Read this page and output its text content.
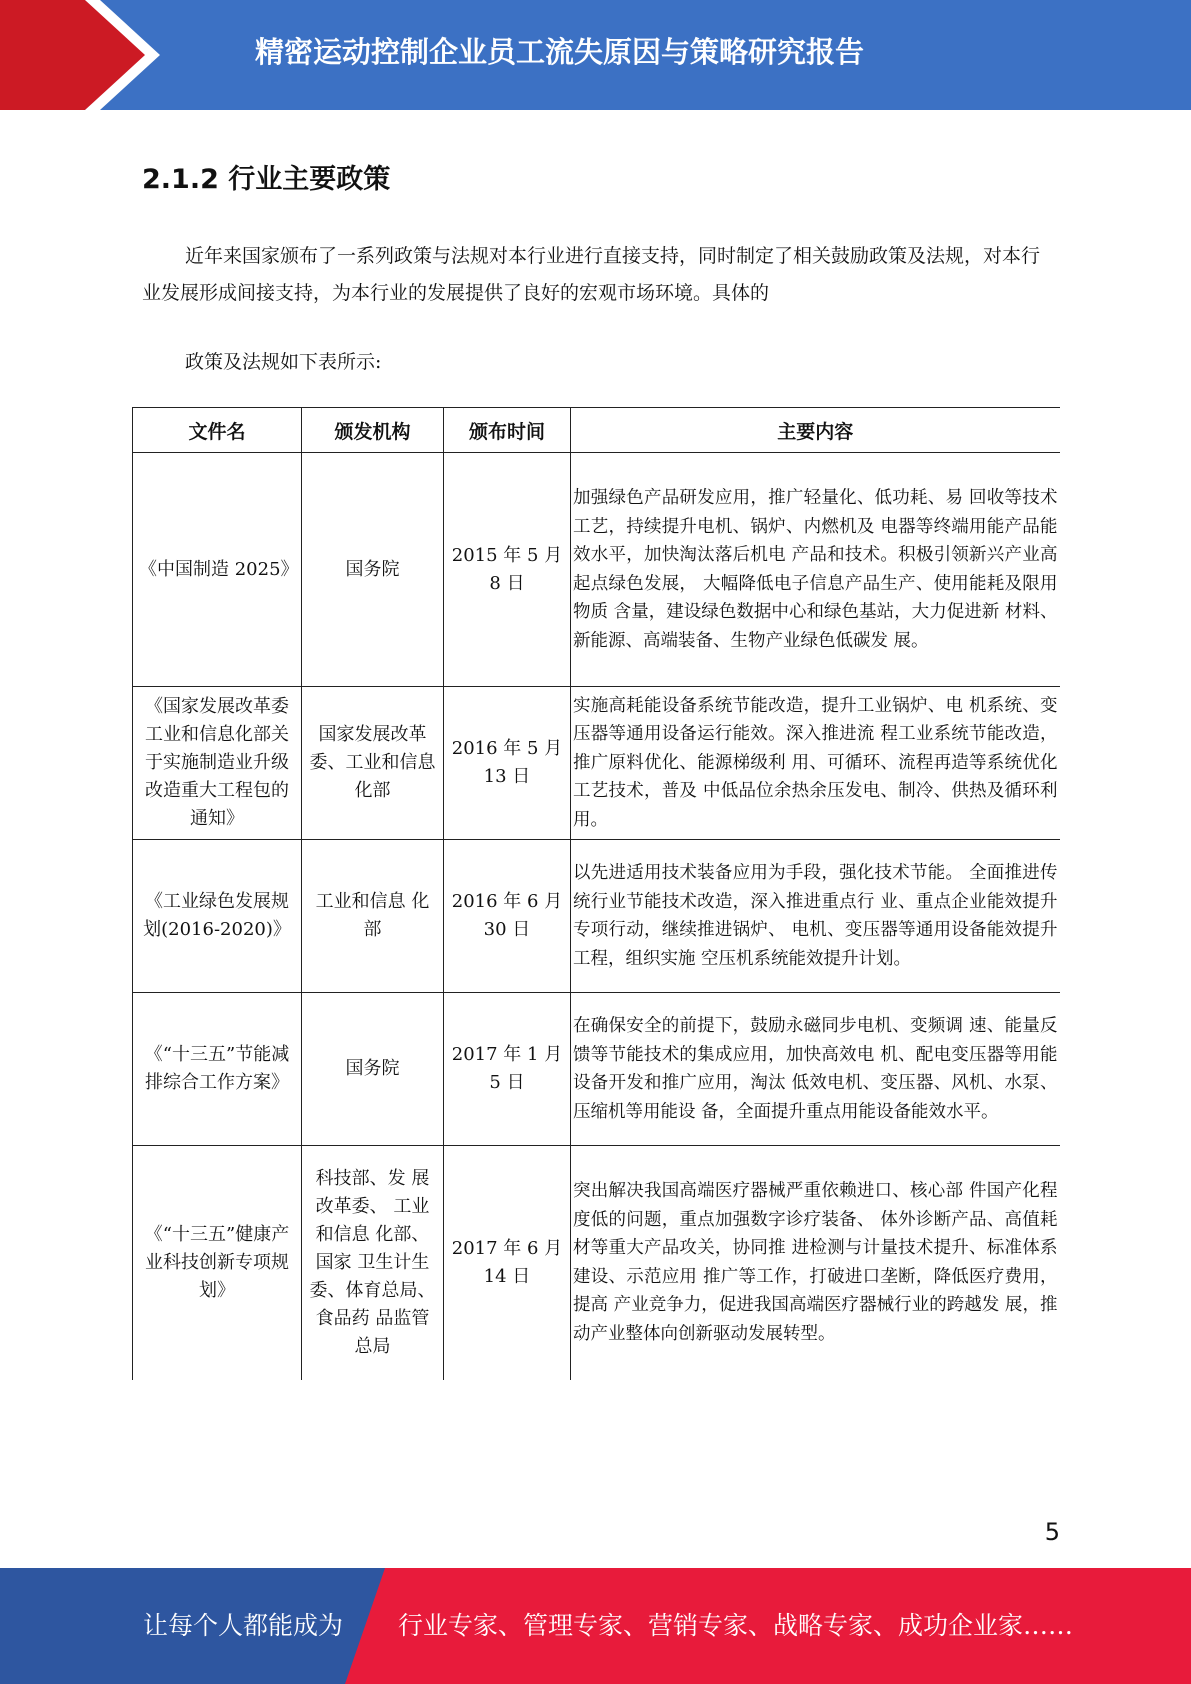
精密运动控制企业员工流失原因与策略研究报告
2.1.2 行业主要政策

近年来国家颁布了一系列政策与法规对本行业进行直接支持，同时制定了相关鼓励政策及法规，对本行业发展形成间接支持，为本行业的发展提供了良好的宏观市场环境。具体的

政策及法规如下表所示:
文件名	颁发机构	颁布时间	主要内容
《中国制造 2025》	国务院	2015 年 5 月 8 日	加强绿色产品研发应用，推广轻量化、低功耗、易 回收等技术工艺，持续提升电机、锅炉、内燃机及 电器等终端用能产品能效水平，加快淘汰落后机电 产品和技术。积极引领新兴产业高起点绿色发展， 大幅降低电子信息产品生产、使用能耗及限用物质 含量，建设绿色数据中心和绿色基站，大力促进新 材料、新能源、高端装备、生物产业绿色低碳发 展。
《国家发展改革委工业和信息化部关于实施制造业升级改造重大工程包的通知》	国家发展改革委、工业和信息化部	2016 年 5 月 13 日	实施高耗能设备系统节能改造，提升工业锅炉、电 机系统、变压器等通用设备运行能效。深入推进流 程工业系统节能改造，推广原料优化、能源梯级利 用、可循环、流程再造等系统优化工艺技术，普及 中低品位余热余压发电、制冷、供热及循环利用。
《工业绿色发展规划(2016-2020)》	工业和信息 化部	2016 年 6 月 30 日	以先进适用技术装备应用为手段，强化技术节能。 全面推进传统行业节能技术改造，深入推进重点行 业、重点企业能效提升专项行动，继续推进锅炉、 电机、变压器等通用设备能效提升工程，组织实施 空压机系统能效提升计划。
《“十三五”节能减排综合工作方案》	国务院	2017 年 1 月 5 日	在确保安全的前提下，鼓励永磁同步电机、变频调 速、能量反馈等节能技术的集成应用，加快高效电 机、配电变压器等用能设备开发和推广应用，淘汰 低效电机、变压器、风机、水泵、压缩机等用能设 备，全面提升重点用能设备能效水平。
《“十三五”健康产业科技创新专项规划》	科技部、发 展改革委、 工业和信息 化部、国家 卫生计生委、体育总局、食品药 品监管总局	2017 年 6 月 14 日	突出解决我国高端医疗器械严重依赖进口、核心部 件国产化程度低的问题，重点加强数字诊疗装备、 体外诊断产品、高值耗材等重大产品攻关，协同推 进检测与计量技术提升、标准体系建设、示范应用 推广等工作，打破进口垄断，降低医疗费用，提高 产业竞争力，促进我国高端医疗器械行业的跨越发 展，推动产业整体向创新驱动发展转型。
5
让每个人都能成为 行业专家、管理专家、营销专家、战略专家、成功企业家……
